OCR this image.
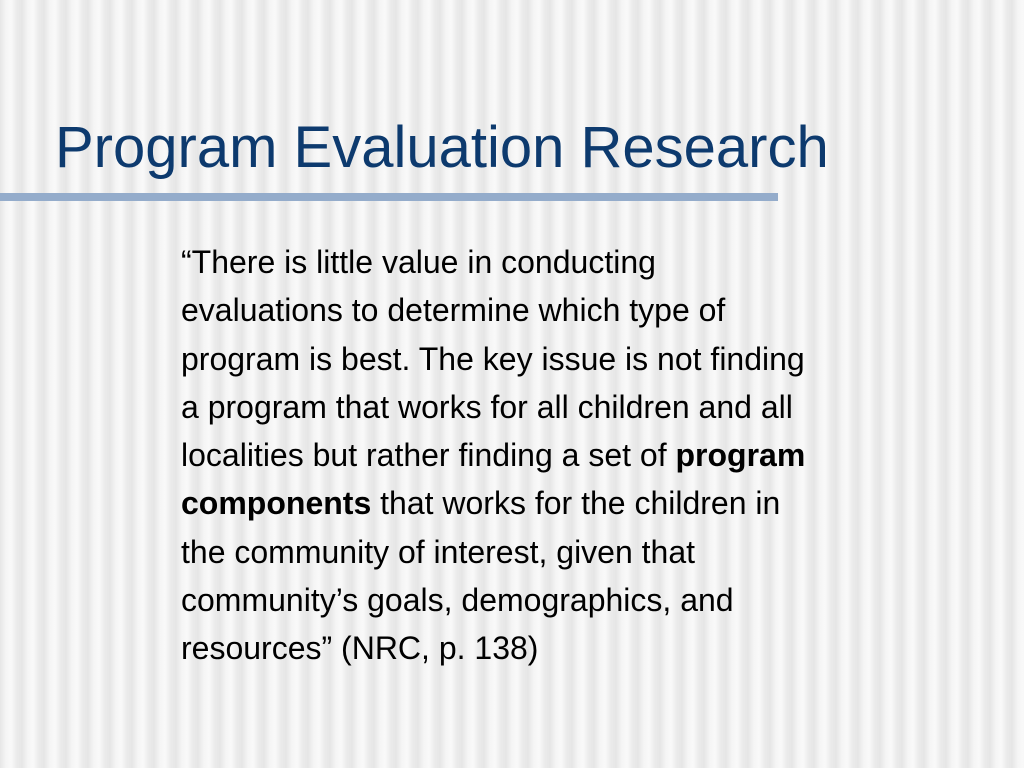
Program Evaluation Research

“There is little value in conducting
evaluations to determine which type of
program is best. The key issue is not finding
a program that works for all children and all
localities but rather finding a set of program
components that works for the children in
the community of interest, given that
community’s goals, demographics, and
resources” (NRC, p. 138)
